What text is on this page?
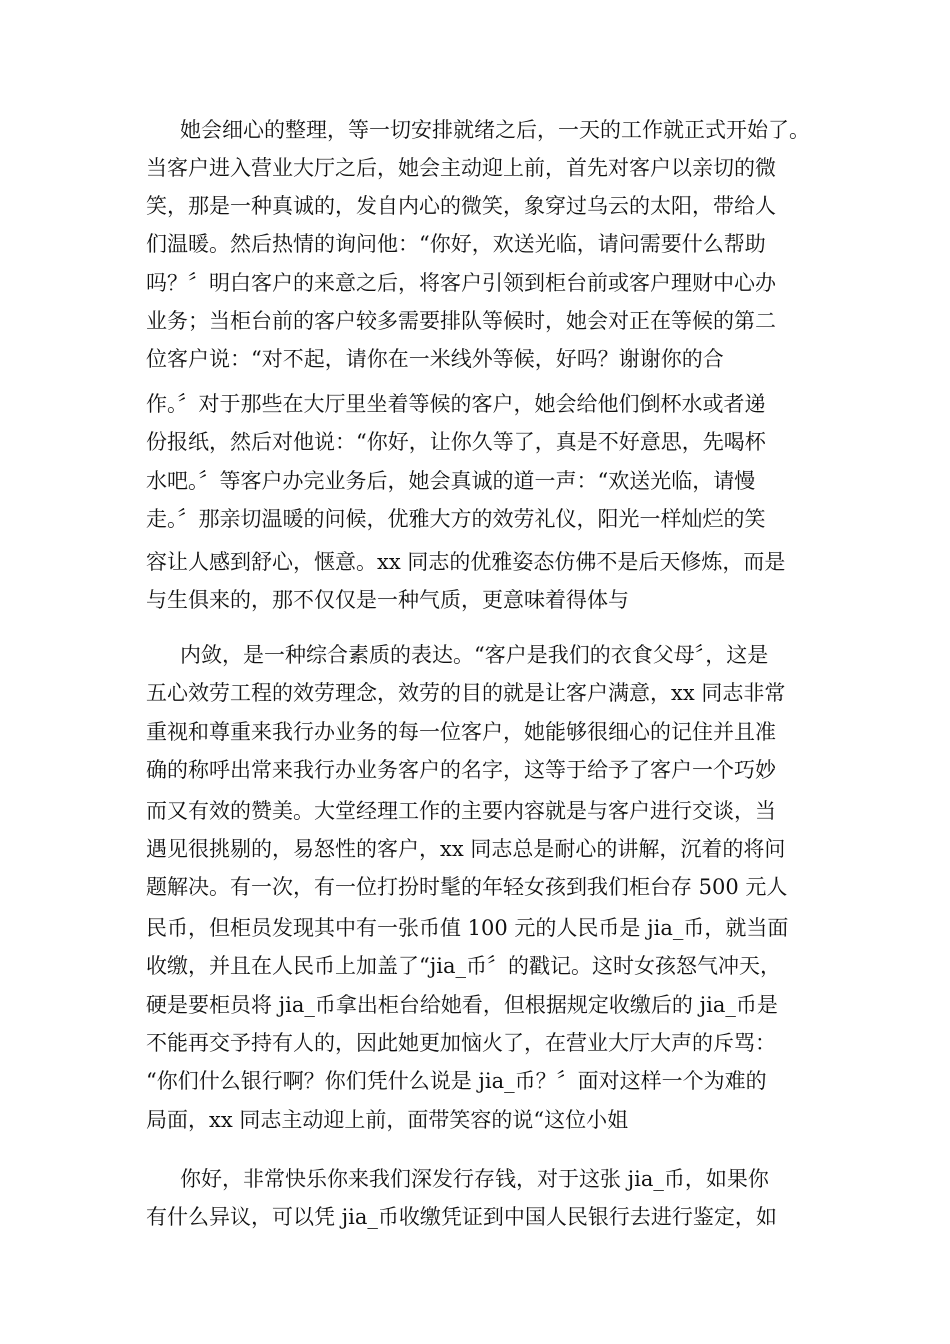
她会细心的整理，等一切安排就绪之后，一天的工作就正式开始了。
当客户进入营业大厅之后，她会主动迎上前，首先对客户以亲切的微
笑，那是一种真诚的，发自内心的微笑，象穿过乌云的太阳，带给人
们温暖。然后热情的询问他：“你好，欢送光临，请问需要什么帮助
吗？〞明白客户的来意之后，将客户引领到柜台前或客户理财中心办
业务；当柜台前的客户较多需要排队等候时，她会对正在等候的第二
位客户说：“对不起，请你在一米线外等候，好吗？谢谢你的合
作。〞对于那些在大厅里坐着等候的客户，她会给他们倒杯水或者递
份报纸，然后对他说：“你好，让你久等了，真是不好意思，先喝杯
水吧。〞等客户办完业务后，她会真诚的道一声：“欢送光临，请慢
走。〞那亲切温暖的问候，优雅大方的效劳礼仪，阳光一样灿烂的笑
容让人感到舒心，惬意。xx 同志的优雅姿态仿佛不是后天修炼，而是
与生俱来的，那不仅仅是一种气质，更意味着得体与
内敛，是一种综合素质的表达。“客户是我们的衣食父母〞，这是
五心效劳工程的效劳理念，效劳的目的就是让客户满意，xx 同志非常
重视和尊重来我行办业务的每一位客户，她能够很细心的记住并且准
确的称呼出常来我行办业务客户的名字，这等于给予了客户一个巧妙
而又有效的赞美。大堂经理工作的主要内容就是与客户进行交谈，当
遇见很挑剔的，易怒性的客户，xx 同志总是耐心的讲解，沉着的将问
题解决。有一次，有一位打扮时髦的年轻女孩到我们柜台存 500 元人
民币，但柜员发现其中有一张币值 100 元的人民币是 jia_币，就当面
收缴，并且在人民币上加盖了“jia_币〞的戳记。这时女孩怒气冲天，
硬是要柜员将 jia_币拿出柜台给她看，但根据规定收缴后的 jia_币是
不能再交予持有人的，因此她更加恼火了，在营业大厅大声的斥骂：
“你们什么银行啊？你们凭什么说是 jia_币？〞面对这样一个为难的
局面，xx 同志主动迎上前，面带笑容的说“这位小姐
你好，非常快乐你来我们深发行存钱，对于这张 jia_币，如果你
有什么异议，可以凭 jia_币收缴凭证到中国人民银行去进行鉴定，如
